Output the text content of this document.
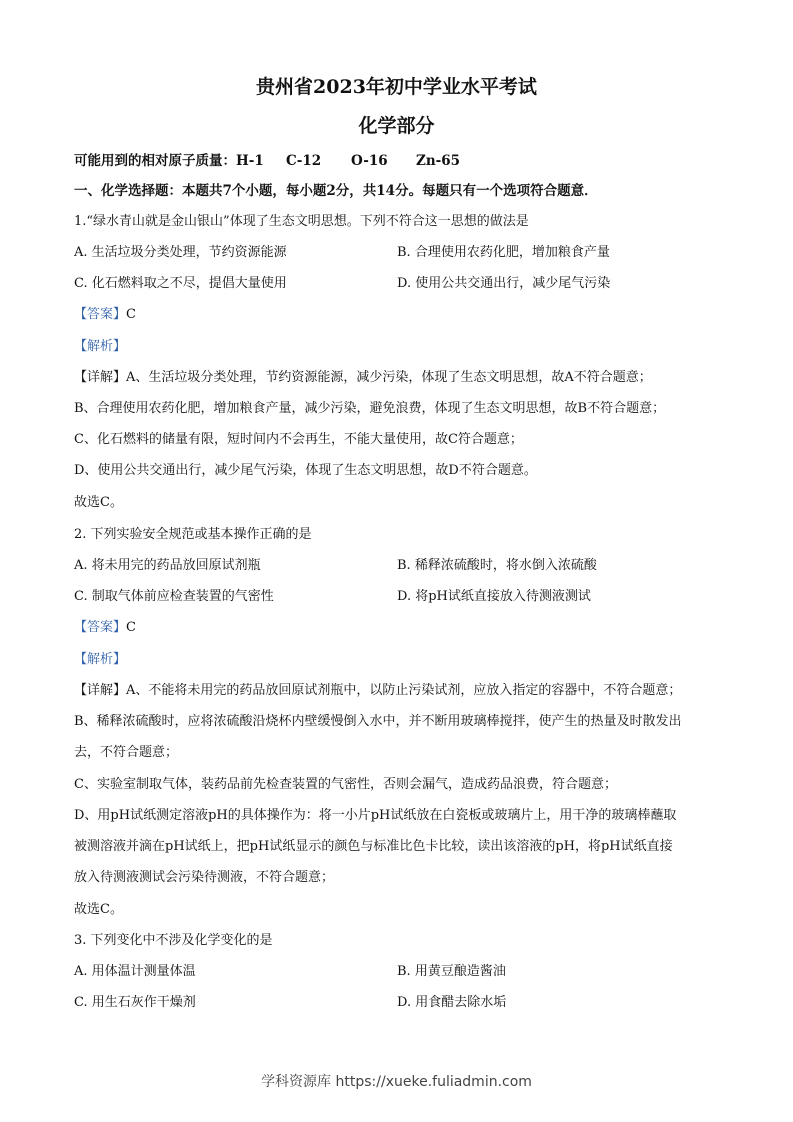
贵州省2023年初中学业水平考试
化学部分
可能用到的相对原子质量：H-1 C-12 O-16 Zn-65
一、化学选择题：本题共7个小题，每小题2分，共14分。每题只有一个选项符合题意．
1.“绿水青山就是金山银山”体现了生态文明思想。下列不符合这一思想的做法是
A. 生活垃圾分类处理，节约资源能源	B. 合理使用农药化肥，增加粮食产量
C. 化石燃料取之不尽，提倡大量使用	D. 使用公共交通出行，减少尾气污染
【答案】C
【解析】
【详解】A、生活垃圾分类处理，节约资源能源，减少污染，体现了生态文明思想，故A不符合题意；
B、合理使用农药化肥，增加粮食产量，减少污染，避免浪费，体现了生态文明思想，故B不符合题意；
C、化石燃料的储量有限，短时间内不会再生，不能大量使用，故C符合题意；
D、使用公共交通出行，减少尾气污染，体现了生态文明思想，故D不符合题意。
故选C。
2. 下列实验安全规范或基本操作正确的是
A. 将未用完的药品放回原试剂瓶	B. 稀释浓硫酸时，将水倒入浓硫酸
C. 制取气体前应检查装置的气密性	D. 将pH试纸直接放入待测液测试
【答案】C
【解析】
【详解】A、不能将未用完的药品放回原试剂瓶中，以防止污染试剂，应放入指定的容器中，不符合题意；
B、稀释浓硫酸时，应将浓硫酸沿烧杯内壁缓慢倒入水中，并不断用玻璃棒搅拌，使产生的热量及时散发出
去，不符合题意；
C、实验室制取气体，装药品前先检查装置的气密性，否则会漏气，造成药品浪费，符合题意；
D、用pH试纸测定溶液pH的具体操作为：将一小片pH试纸放在白瓷板或玻璃片上，用干净的玻璃棒蘸取
被测溶液并滴在pH试纸上，把pH试纸显示的颜色与标准比色卡比较，读出该溶液的pH，将pH试纸直接
放入待测液测试会污染待测液，不符合题意；
故选C。
3. 下列变化中不涉及化学变化的是
A. 用体温计测量体温	B. 用黄豆酿造酱油
C. 用生石灰作干燥剂	D. 用食醋去除水垢
学科资源库 https://xueke.fuliadmin.com
